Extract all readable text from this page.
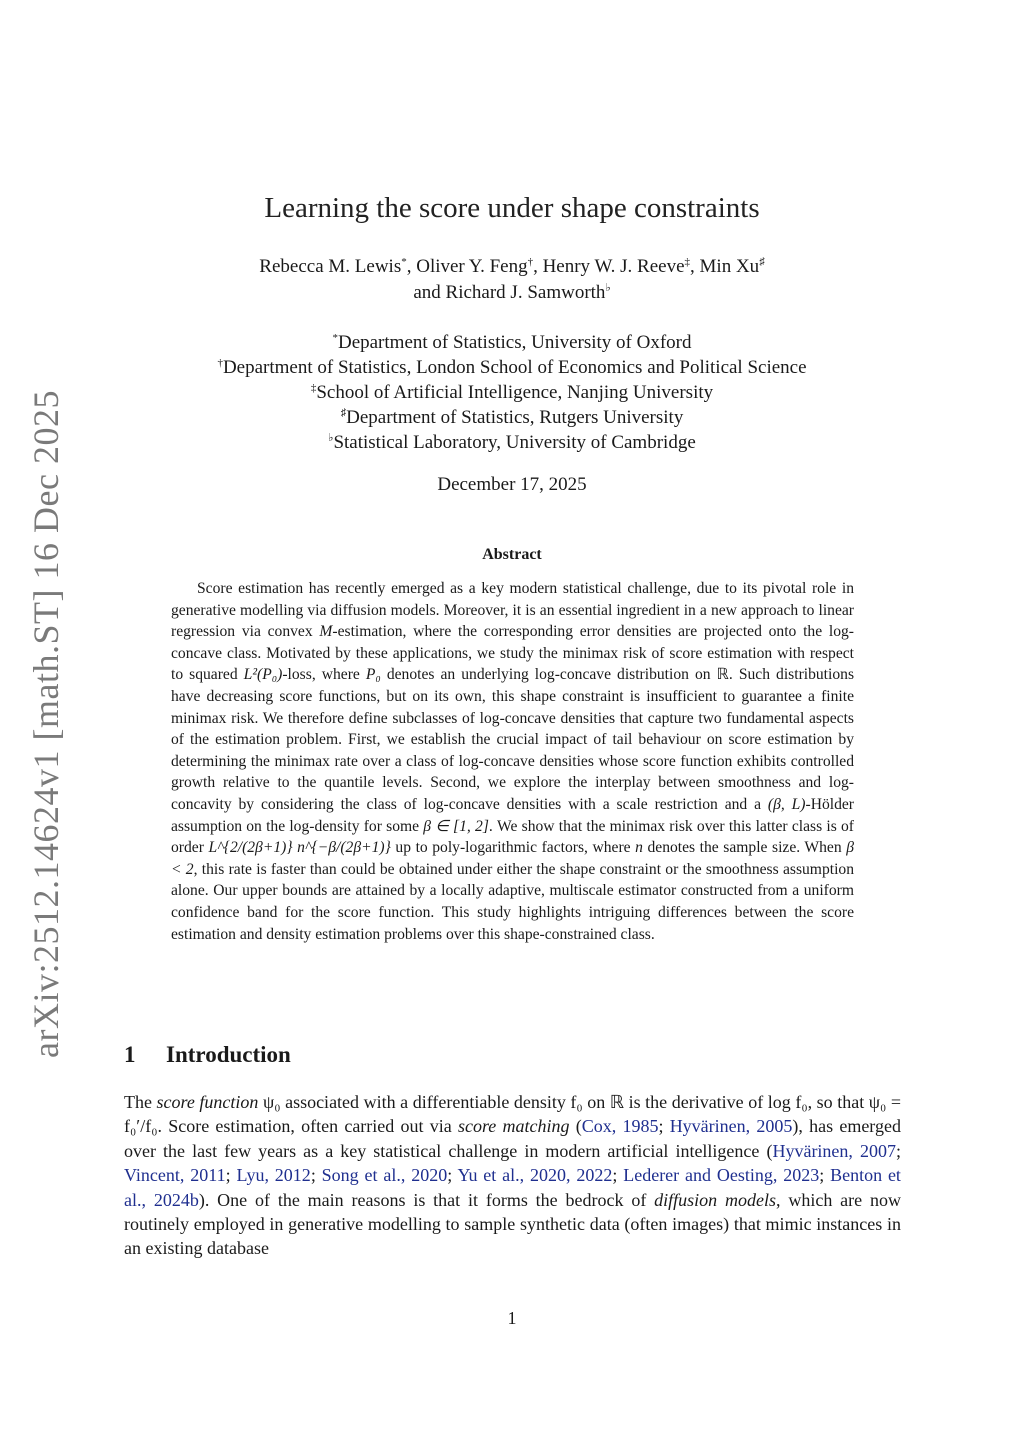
arXiv:2512.14624v1 [math.ST] 16 Dec 2025
Learning the score under shape constraints
Rebecca M. Lewis*, Oliver Y. Feng†, Henry W. J. Reeve‡, Min Xu♯
and Richard J. Samworth♭
*Department of Statistics, University of Oxford
†Department of Statistics, London School of Economics and Political Science
‡School of Artificial Intelligence, Nanjing University
♯Department of Statistics, Rutgers University
♭Statistical Laboratory, University of Cambridge
December 17, 2025
Abstract

Score estimation has recently emerged as a key modern statistical challenge, due to its pivotal role in generative modelling via diffusion models. Moreover, it is an essential ingredient in a new approach to linear regression via convex M-estimation, where the corresponding error densities are projected onto the log-concave class. Motivated by these applications, we study the minimax risk of score estimation with respect to squared L²(P₀)-loss, where P₀ denotes an underlying log-concave distribution on ℝ. Such distributions have decreasing score functions, but on its own, this shape constraint is insufficient to guarantee a finite minimax risk. We therefore define subclasses of log-concave densities that capture two fundamental aspects of the estimation problem. First, we establish the crucial impact of tail behaviour on score estimation by determining the minimax rate over a class of log-concave densities whose score function exhibits controlled growth relative to the quantile levels. Second, we explore the interplay between smoothness and log-concavity by considering the class of log-concave densities with a scale restriction and a (β, L)-Hölder assumption on the log-density for some β ∈ [1, 2]. We show that the minimax risk over this latter class is of order L^{2/(2β+1)} n^{−β/(2β+1)} up to poly-logarithmic factors, where n denotes the sample size. When β < 2, this rate is faster than could be obtained under either the shape constraint or the smoothness assumption alone. Our upper bounds are attained by a locally adaptive, multiscale estimator constructed from a uniform confidence band for the score function. This study highlights intriguing differences between the score estimation and density estimation problems over this shape-constrained class.

1 Introduction

The score function ψ₀ associated with a differentiable density f₀ on ℝ is the derivative of log f₀, so that ψ₀ = f₀′/f₀. Score estimation, often carried out via score matching (Cox, 1985; Hyvärinen, 2005), has emerged over the last few years as a key statistical challenge in modern artificial intelligence (Hyvärinen, 2007; Vincent, 2011; Lyu, 2012; Song et al., 2020; Yu et al., 2020, 2022; Lederer and Oesting, 2023; Benton et al., 2024b). One of the main reasons is that it forms the bedrock of diffusion models, which are now routinely employed in generative modelling to sample synthetic data (often images) that mimic instances in an existing database

1
